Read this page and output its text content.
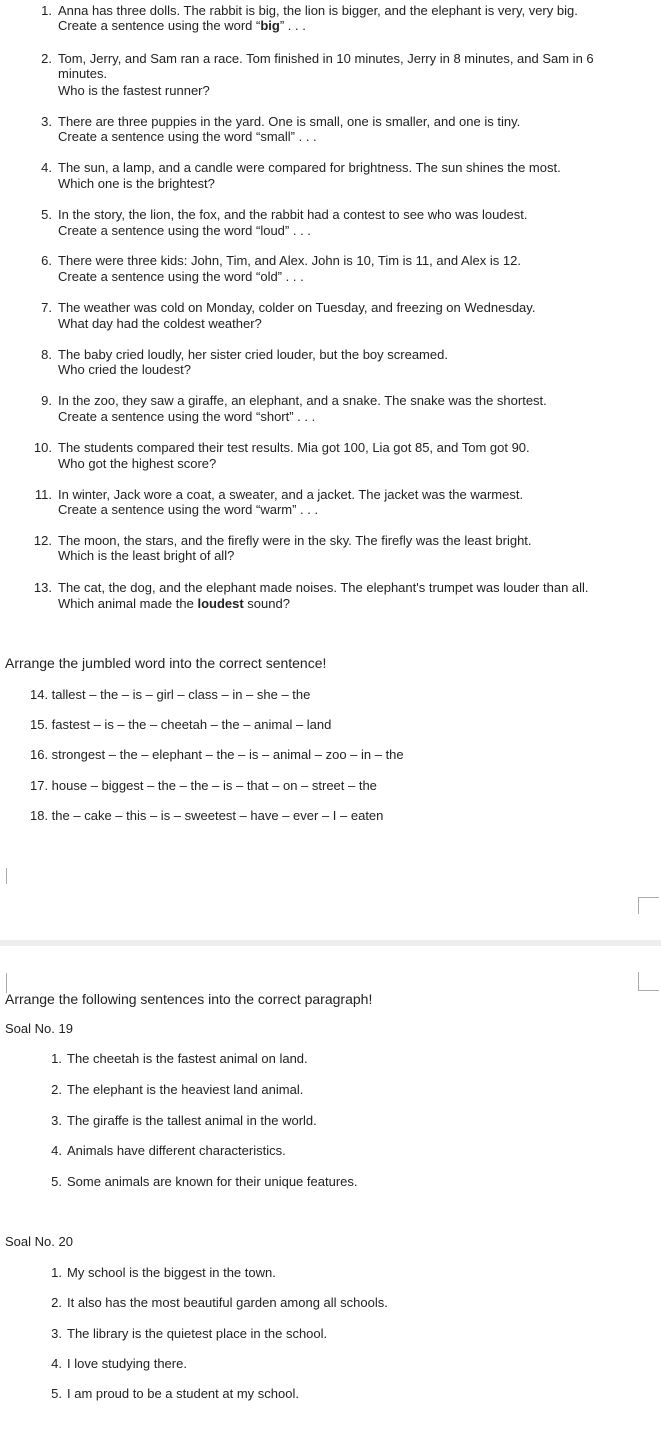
1. Anna has three dolls. The rabbit is big, the lion is bigger, and the elephant is very, very big.
Create a sentence using the word “big” . . .
2. Tom, Jerry, and Sam ran a race. Tom finished in 10 minutes, Jerry in 8 minutes, and Sam in 6
minutes.
Who is the fastest runner?
3. There are three puppies in the yard. One is small, one is smaller, and one is tiny.
Create a sentence using the word “small” . . .
4. The sun, a lamp, and a candle were compared for brightness. The sun shines the most.
Which one is the brightest?
5. In the story, the lion, the fox, and the rabbit had a contest to see who was loudest.
Create a sentence using the word “loud” . . .
6. There were three kids: John, Tim, and Alex. John is 10, Tim is 11, and Alex is 12.
Create a sentence using the word “old” . . .
7. The weather was cold on Monday, colder on Tuesday, and freezing on Wednesday.
What day had the coldest weather?
8. The baby cried loudly, her sister cried louder, but the boy screamed.
Who cried the loudest?
9. In the zoo, they saw a giraffe, an elephant, and a snake. The snake was the shortest.
Create a sentence using the word “short” . . .
10. The students compared their test results. Mia got 100, Lia got 85, and Tom got 90.
Who got the highest score?
11. In winter, Jack wore a coat, a sweater, and a jacket. The jacket was the warmest.
Create a sentence using the word “warm” . . .
12. The moon, the stars, and the firefly were in the sky. The firefly was the least bright.
Which is the least bright of all?
13. The cat, the dog, and the elephant made noises. The elephant's trumpet was louder than all.
Which animal made the loudest sound?
Arrange the jumbled word into the correct sentence!
14. tallest – the – is – girl – class – in – she – the
15. fastest – is – the – cheetah – the – animal – land
16. strongest – the – elephant – the – is – animal – zoo – in – the
17. house – biggest – the – the – is – that – on – street – the
18. the – cake – this – is – sweetest – have – ever – I – eaten
Arrange the following sentences into the correct paragraph!
Soal No. 19
1. The cheetah is the fastest animal on land.
2. The elephant is the heaviest land animal.
3. The giraffe is the tallest animal in the world.
4. Animals have different characteristics.
5. Some animals are known for their unique features.
Soal No. 20
1. My school is the biggest in the town.
2. It also has the most beautiful garden among all schools.
3. The library is the quietest place in the school.
4. I love studying there.
5. I am proud to be a student at my school.
